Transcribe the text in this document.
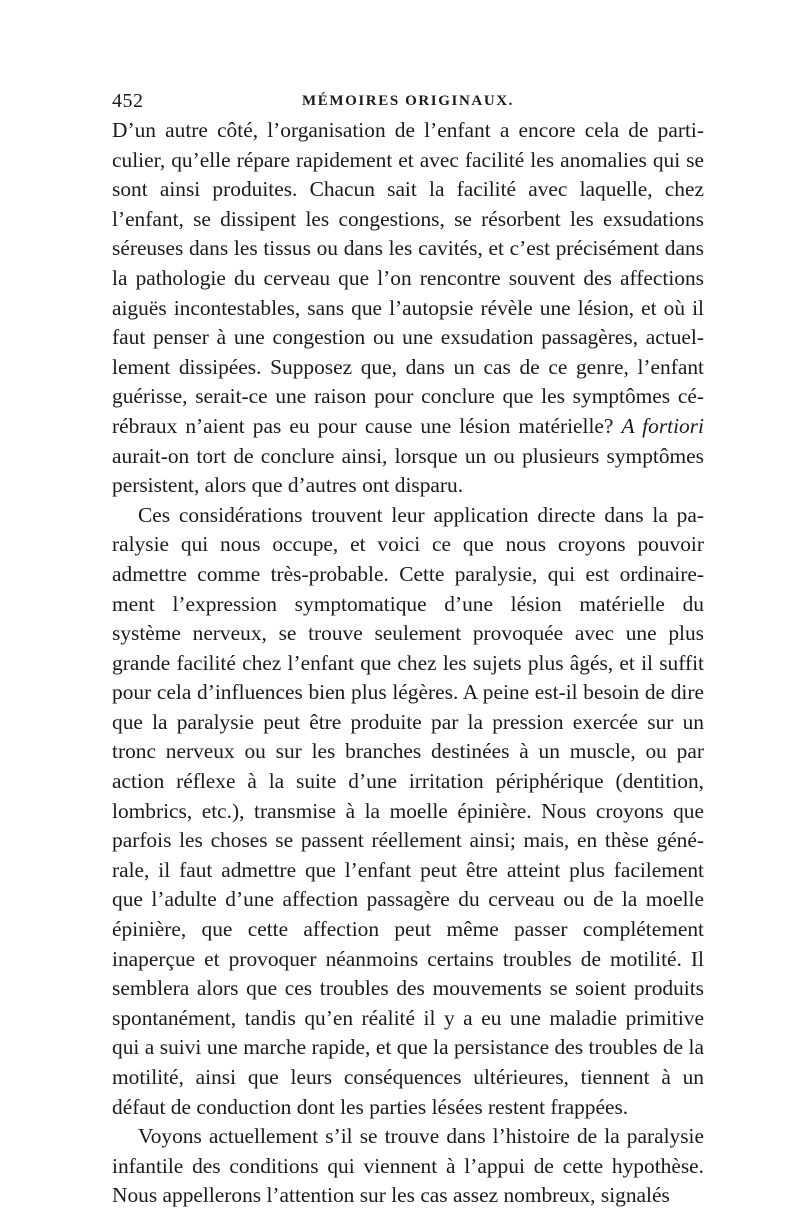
452	MÉMOIRES ORIGINAUX.

D’un autre côté, l’organisation de l’enfant a encore cela de particulier, qu’elle répare rapidement et avec facilité les anomalies qui se sont ainsi produites. Chacun sait la facilité avec laquelle, chez l’enfant, se dissipent les congestions, se résorbent les exsudations séreuses dans les tissus ou dans les cavités, et c’est précisément dans la pathologie du cerveau que l’on rencontre souvent des affections aiguës incontestables, sans que l’autopsie révèle une lésion, et où il faut penser à une congestion ou une exsudation passagères, actuellement dissipées. Supposez que, dans un cas de ce genre, l’enfant guérisse, serait-ce une raison pour conclure que les symptômes cérébraux n’aient pas eu pour cause une lésion matérielle? A fortiori aurait-on tort de conclure ainsi, lorsque un ou plusieurs symptômes persistent, alors que d’autres ont disparu.

Ces considérations trouvent leur application directe dans la paralysie qui nous occupe, et voici ce que nous croyons pouvoir admettre comme très-probable. Cette paralysie, qui est ordinairement l’expression symptomatique d’une lésion matérielle du système nerveux, se trouve seulement provoquée avec une plus grande facilité chez l’enfant que chez les sujets plus âgés, et il suffit pour cela d’influences bien plus légères. A peine est-il besoin de dire que la paralysie peut être produite par la pression exercée sur un tronc nerveux ou sur les branches destinées à un muscle, ou par action réflexe à la suite d’une irritation périphérique (dentition, lombrics, etc.), transmise à la moelle épinière. Nous croyons que parfois les choses se passent réellement ainsi; mais, en thèse générale, il faut admettre que l’enfant peut être atteint plus facilement que l’adulte d’une affection passagère du cerveau ou de la moelle épinière, que cette affection peut même passer complétement inaperçue et provoquer néanmoins certains troubles de motilité. Il semblera alors que ces troubles des mouvements se soient produits spontanément, tandis qu’en réalité il y a eu une maladie primitive qui a suivi une marche rapide, et que la persistance des troubles de la motilité, ainsi que leurs conséquences ultérieures, tiennent à un défaut de conduction dont les parties lésées restent frappées.

Voyons actuellement s’il se trouve dans l’histoire de la paralysie infantile des conditions qui viennent à l’appui de cette hypothèse. Nous appellerons l’attention sur les cas assez nombreux, signalés
